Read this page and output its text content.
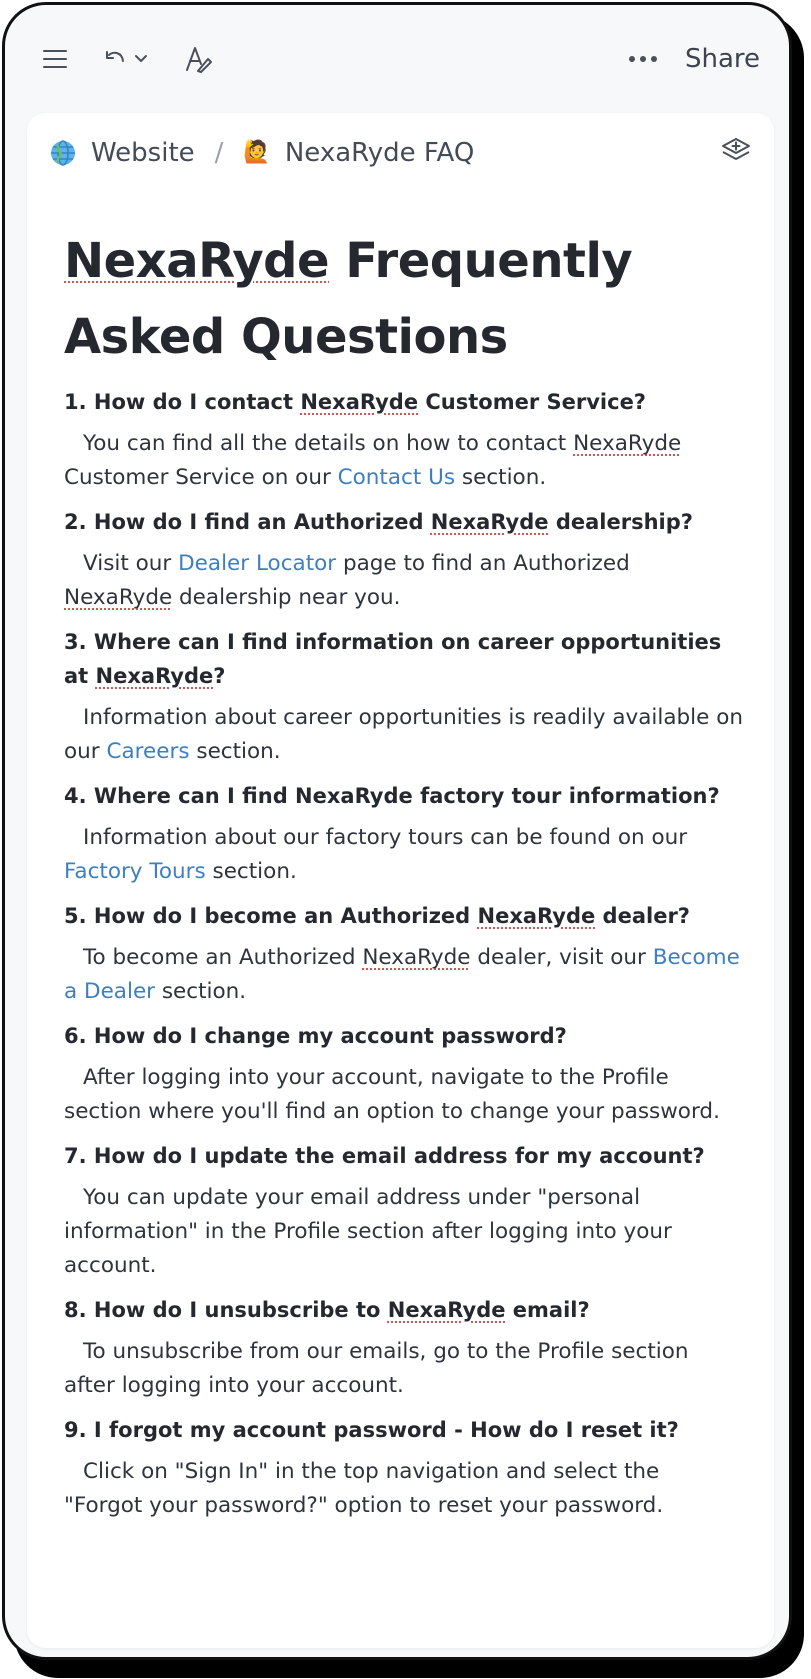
Share
Website / 🙋 NexaRyde FAQ
NexaRyde Frequently Asked Questions
1. How do I contact NexaRyde Customer Service?
You can find all the details on how to contact NexaRyde Customer Service on our Contact Us section.
2. How do I find an Authorized NexaRyde dealership?
Visit our Dealer Locator page to find an Authorized NexaRyde dealership near you.
3. Where can I find information on career opportunities at NexaRyde?
Information about career opportunities is readily available on our Careers section.
4. Where can I find NexaRyde factory tour information?
Information about our factory tours can be found on our Factory Tours section.
5. How do I become an Authorized NexaRyde dealer?
To become an Authorized NexaRyde dealer, visit our Become a Dealer section.
6. How do I change my account password?
After logging into your account, navigate to the Profile section where you'll find an option to change your password.
7. How do I update the email address for my account?
You can update your email address under "personal information" in the Profile section after logging into your account.
8. How do I unsubscribe to NexaRyde email?
To unsubscribe from our emails, go to the Profile section after logging into your account.
9. I forgot my account password - How do I reset it?
Click on "Sign In" in the top navigation and select the "Forgot your password?" option to reset your password.
